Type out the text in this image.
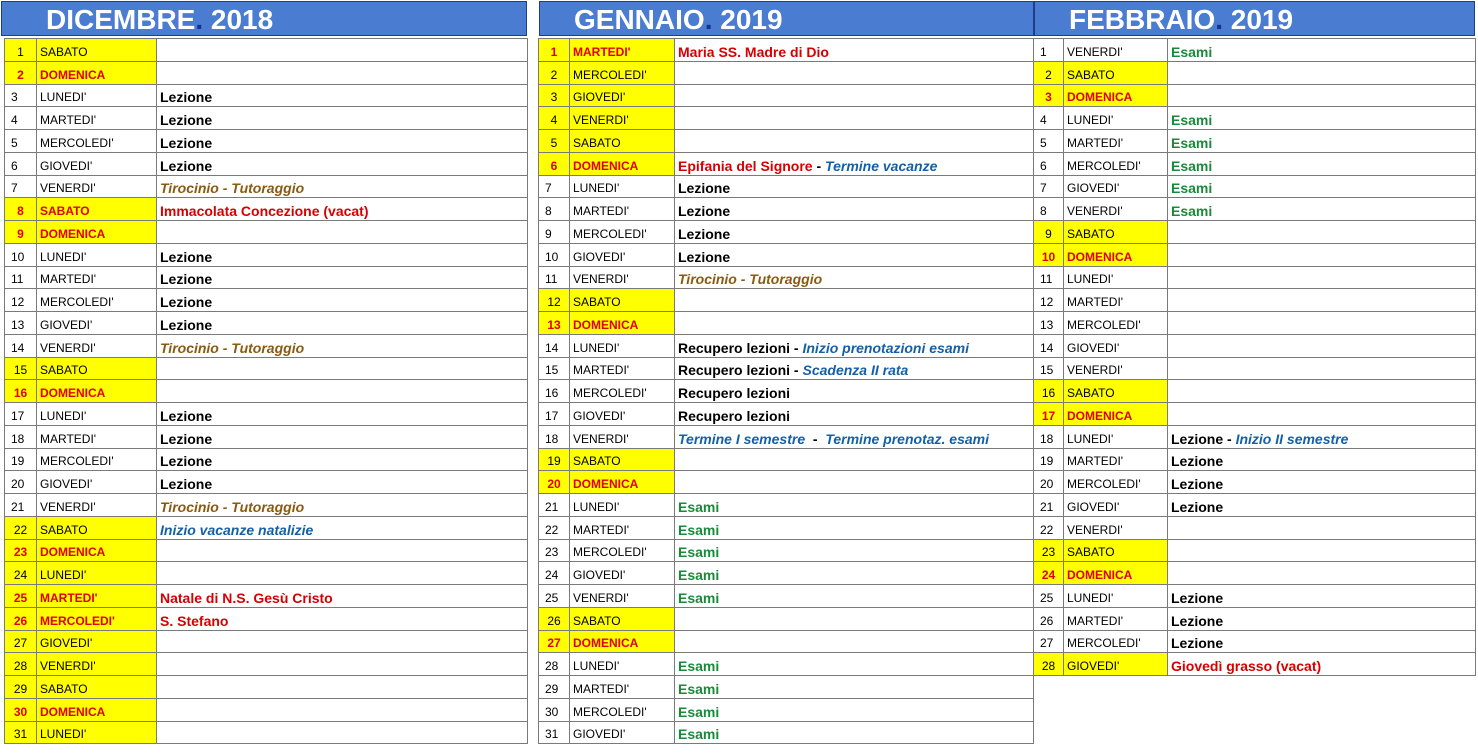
DICEMBRE. 2018	GENNAIO. 2019	FEBBRAIO. 2019
1	SABATO	
2	DOMENICA	
3	LUNEDI'	Lezione
4	MARTEDI'	Lezione
5	MERCOLEDI'	Lezione
6	GIOVEDI'	Lezione
7	VENERDI'	Tirocinio - Tutoraggio
8	SABATO	Immacolata Concezione (vacat)
9	DOMENICA	
10	LUNEDI'	Lezione
11	MARTEDI'	Lezione
12	MERCOLEDI'	Lezione
13	GIOVEDI'	Lezione
14	VENERDI'	Tirocinio - Tutoraggio
15	SABATO	
16	DOMENICA	
17	LUNEDI'	Lezione
18	MARTEDI'	Lezione
19	MERCOLEDI'	Lezione
20	GIOVEDI'	Lezione
21	VENERDI'	Tirocinio - Tutoraggio
22	SABATO	Inizio vacanze natalizie
23	DOMENICA	
24	LUNEDI'	
25	MARTEDI'	Natale di N.S. Gesù Cristo
26	MERCOLEDI'	S. Stefano
27	GIOVEDI'	
28	VENERDI'	
29	SABATO	
30	DOMENICA	
31	LUNEDI'	
1	MARTEDI'	Maria SS. Madre di Dio
2	MERCOLEDI'	
3	GIOVEDI'	
4	VENERDI'	
5	SABATO	
6	DOMENICA	Epifania del Signore - Termine vacanze
7	LUNEDI'	Lezione
8	MARTEDI'	Lezione
9	MERCOLEDI'	Lezione
10	GIOVEDI'	Lezione
11	VENERDI'	Tirocinio - Tutoraggio
12	SABATO	
13	DOMENICA	
14	LUNEDI'	Recupero lezioni - Inizio prenotazioni esami
15	MARTEDI'	Recupero lezioni - Scadenza II rata
16	MERCOLEDI'	Recupero lezioni
17	GIOVEDI'	Recupero lezioni
18	VENERDI'	Termine I semestre  -  Termine prenotaz. esami
19	SABATO	
20	DOMENICA	
21	LUNEDI'	Esami
22	MARTEDI'	Esami
23	MERCOLEDI'	Esami
24	GIOVEDI'	Esami
25	VENERDI'	Esami
26	SABATO	
27	DOMENICA	
28	LUNEDI'	Esami
29	MARTEDI'	Esami
30	MERCOLEDI'	Esami
31	GIOVEDI'	Esami
1	VENERDI'	Esami
2	SABATO	
3	DOMENICA	
4	LUNEDI'	Esami
5	MARTEDI'	Esami
6	MERCOLEDI'	Esami
7	GIOVEDI'	Esami
8	VENERDI'	Esami
9	SABATO	
10	DOMENICA	
11	LUNEDI'	
12	MARTEDI'	
13	MERCOLEDI'	
14	GIOVEDI'	
15	VENERDI'	
16	SABATO	
17	DOMENICA	
18	LUNEDI'	Lezione - Inizio II semestre
19	MARTEDI'	Lezione
20	MERCOLEDI'	Lezione
21	GIOVEDI'	Lezione
22	VENERDI'	
23	SABATO	
24	DOMENICA	
25	LUNEDI'	Lezione
26	MARTEDI'	Lezione
27	MERCOLEDI'	Lezione
28	GIOVEDI'	Giovedì grasso (vacat)
